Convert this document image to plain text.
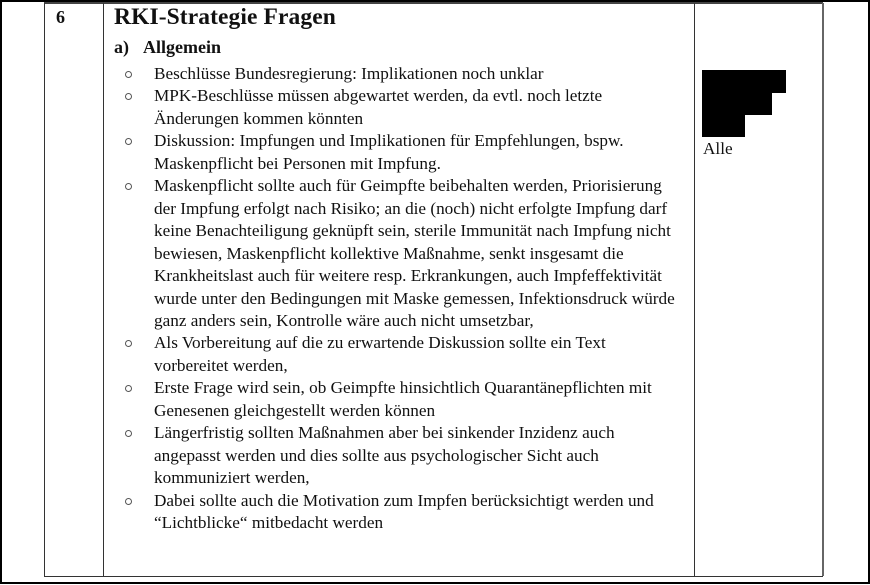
6 RKI-Strategie Fragen
a) Allgemein
Beschlüsse Bundesregierung: Implikationen noch unklar
MPK-Beschlüsse müssen abgewartet werden, da evtl. noch letzte Änderungen kommen könnten
Diskussion: Impfungen und Implikationen für Empfehlungen, bspw. Maskenpflicht bei Personen mit Impfung.
Maskenpflicht sollte auch für Geimpfte beibehalten werden, Priorisierung der Impfung erfolgt nach Risiko; an die (noch) nicht erfolgte Impfung darf keine Benachteiligung geknüpft sein, sterile Immunität nach Impfung nicht bewiesen, Maskenpflicht kollektive Maßnahme, senkt insgesamt die Krankheitslast auch für weitere resp. Erkrankungen, auch Impfeffektivität wurde unter den Bedingungen mit Maske gemessen, Infektionsdruck würde ganz anders sein, Kontrolle wäre auch nicht umsetzbar,
Als Vorbereitung auf die zu erwartende Diskussion sollte ein Text vorbereitet werden,
Erste Frage wird sein, ob Geimpfte hinsichtlich Quarantänepflichten mit Genesenen gleichgestellt werden können
Längerfristig sollten Maßnahmen aber bei sinkender Inzidenz auch angepasst werden und dies sollte aus psychologischer Sicht auch kommuniziert werden,
Dabei sollte auch die Motivation zum Impfen berücksichtigt werden und “Lichtblicke“ mitbedacht werden
Alle
